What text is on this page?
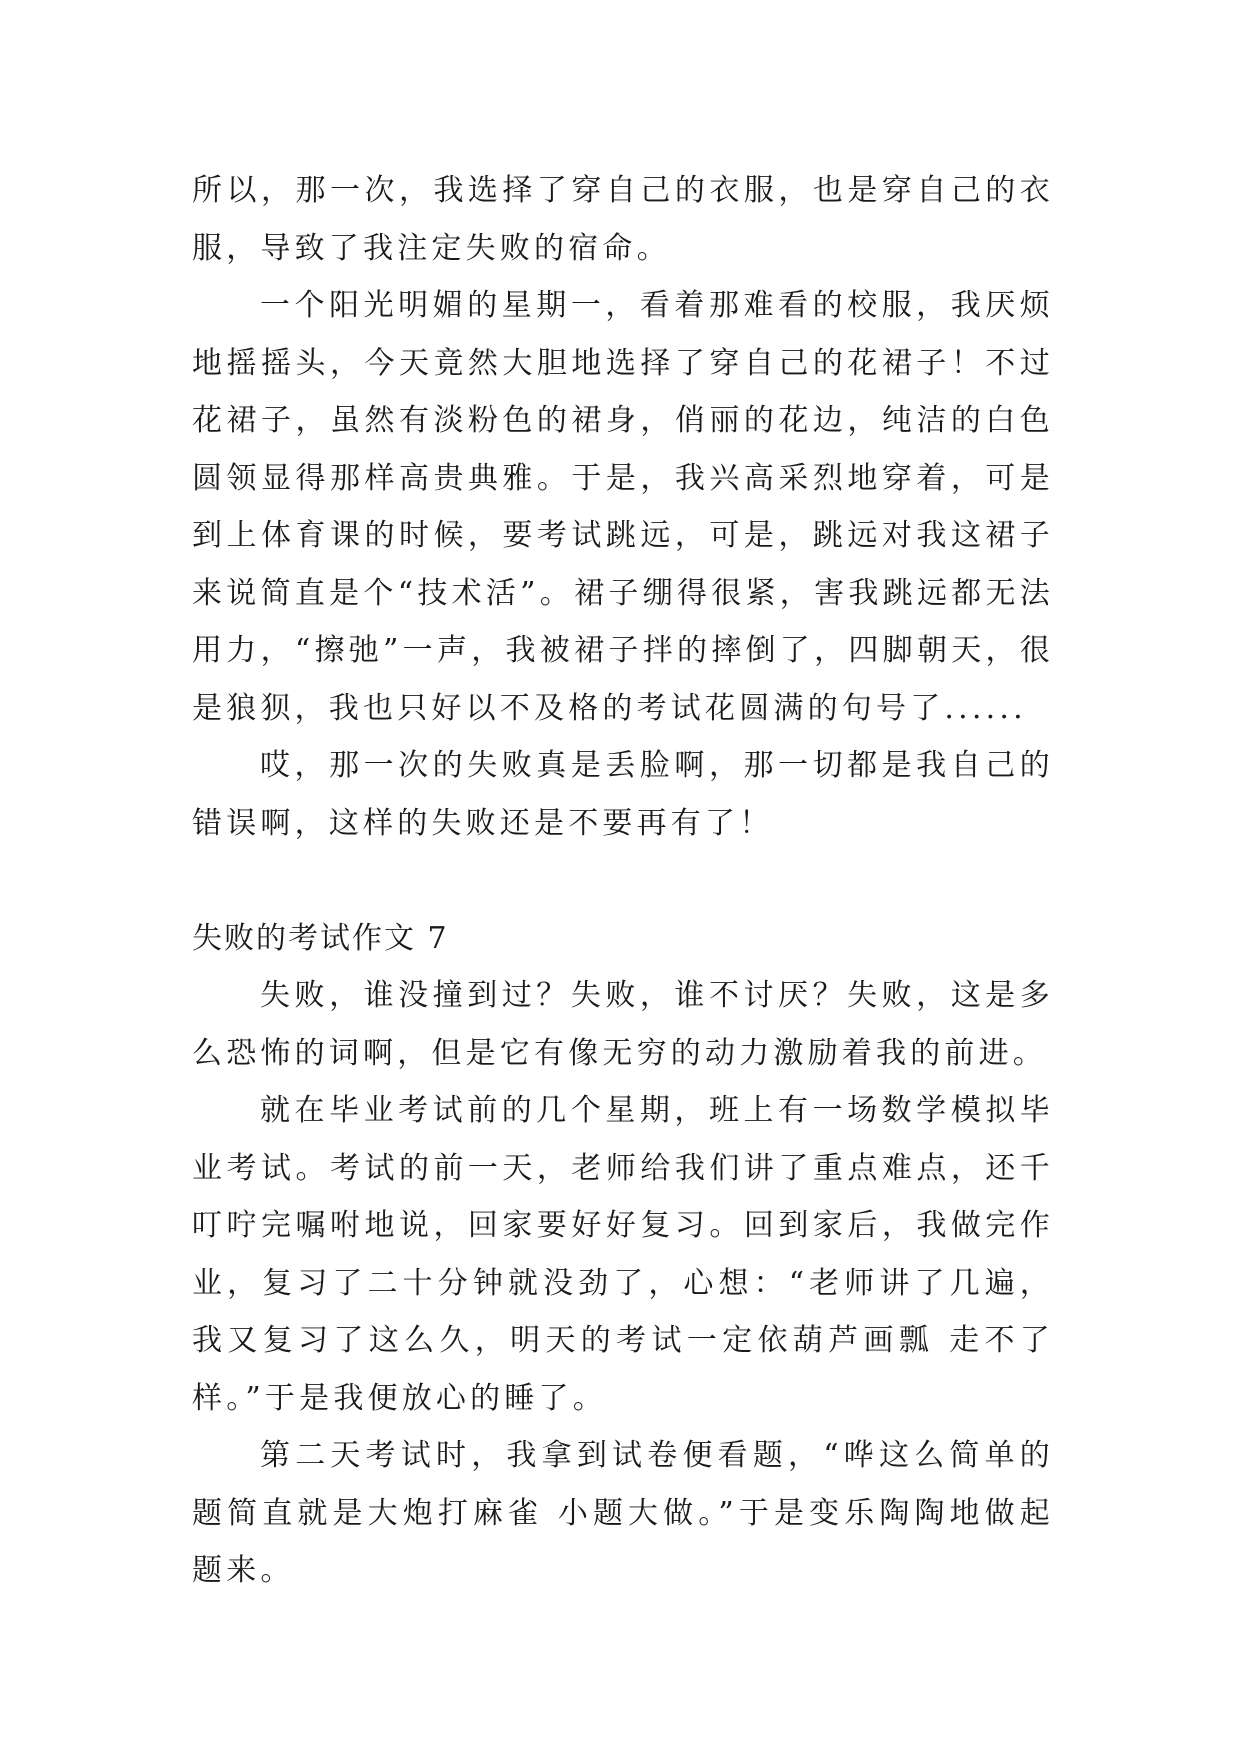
所以，那一次，我选择了穿自己的衣服，也是穿自己的衣服，导致了我注定失败的宿命。

一个阳光明媚的星期一，看着那难看的校服，我厌烦地摇摇头，今天竟然大胆地选择了穿自己的花裙子！不过花裙子，虽然有淡粉色的裙身，俏丽的花边，纯洁的白色圆领显得那样高贵典雅。于是，我兴高采烈地穿着，可是到上体育课的时候，要考试跳远，可是，跳远对我这裙子来说简直是个“技术活”。裙子绷得很紧，害我跳远都无法用力，“擦弛”一声，我被裙子拌的摔倒了，四脚朝天，很是狼狈，我也只好以不及格的考试花圆满的句号了......

哎，那一次的失败真是丢脸啊，那一切都是我自己的错误啊，这样的失败还是不要再有了！

失败的考试作文 7

失败，谁没撞到过？失败，谁不讨厌？失败，这是多么恐怖的词啊，但是它有像无穷的动力激励着我的前进。

就在毕业考试前的几个星期，班上有一场数学模拟毕业考试。考试的前一天，老师给我们讲了重点难点，还千叮咛完嘱咐地说，回家要好好复习。回到家后，我做完作业，复习了二十分钟就没劲了，心想：“老师讲了几遍，我又复习了这么久，明天的考试一定依葫芦画瓢 走不了样。”于是我便放心的睡了。

第二天考试时，我拿到试卷便看题，“哗这么简单的题简直就是大炮打麻雀 小题大做。”于是变乐陶陶地做起题来。
